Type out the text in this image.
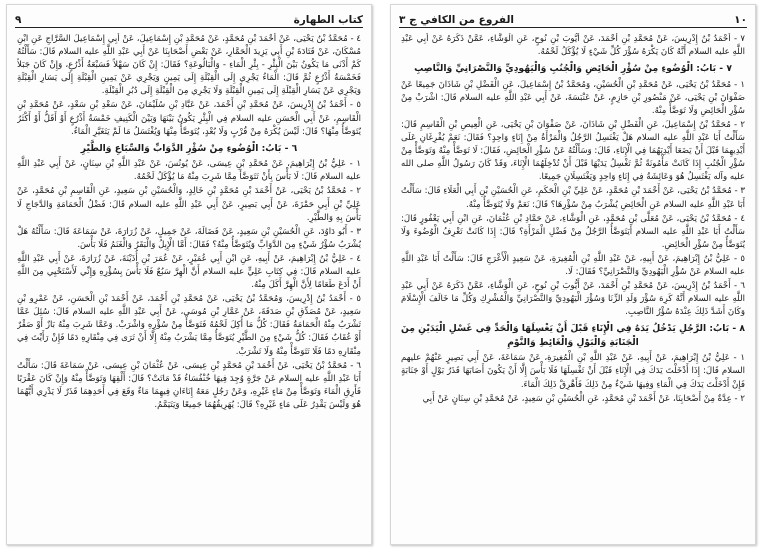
كتاب الطهارة
٩
٤ - مُحَمَّدُ بْنُ يَحْيَى، عَنْ أَحْمَدَ بْنِ مُحَمَّدٍ، عَنْ مُحَمَّدِ بْنِ إِسْمَاعِيلَ، عَنْ أَبِي إِسْمَاعِيلَ السَّرَّاجِ عَنِ ابْنِ مُسْكَانَ، عَنْ قَتَادَةَ بْنِ أَبِي يَزِيدَ الْحَمَّارِ، عَنْ بَعْضِ أَصْحَابِنَا عَنْ أَبِي عَبْدِ اللَّهِ عليه السلام قَالَ: سَأَلْتُهُ كَمْ أَدْنَى مَا يَكُونُ بَيْنَ الْبِئْرِ - بِئْرِ الْمَاءِ - وَالْبَالُوعَةِ؟ فَقَالَ: إِنْ كَانَ سَهْلاً فَسَبْعَةُ أَذْرُعٍ، وَإِنْ كَانَ جَبَلاً فَخَمْسَةُ أَذْرُعٍ ثُمَّ قَالَ: الْمَاءُ يَجْرِي إِلَى الْقِبْلَةِ إِلَى يَمِينٍ وَيَجْرِي عَنْ يَمِينِ الْقِبْلَةِ إِلَى يَسَارِ الْقِبْلَةِ وَيَجْرِي عَنْ يَسَارِ الْقِبْلَةِ إِلَى يَمِينِ الْقِبْلَةِ وَلَا يَجْرِي مِنَ الْقِبْلَةِ إِلَى دُبُرِ الْقِبْلَةِ.
٥ - أَحْمَدُ بْنُ إِدْرِيسَ، عَنْ مُحَمَّدِ بْنِ أَحْمَدَ، عَنْ عَبَّادِ بْنِ سُلَيْمَانَ، عَنْ سَعْدِ بْنِ سَعْدٍ، عَنْ مُحَمَّدِ بْنِ الْقَاسِمِ، عَنْ أَبِي الْحَسَنِ عليه السلام فِي الْبِئْرِ يَكُونُ بَيْنَهَا وَبَيْنَ الْكَنِيفِ خَمْسَةُ أَذْرُعٍ أَوْ أَقَلُّ أَوْ أَكْثَرُ يُتَوَضَّأُ مِنْهَا؟ قَالَ: لَيْسَ يُكْرَهُ مِنْ قُرْبٍ وَلَا بُعْدٍ، يُتَوَضَّأُ مِنْهَا وَيُغْتَسَلُ مَا لَمْ يَتَغَيَّرِ الْمَاءُ.
٦ - بَابُ: الْوُضُوءِ مِنْ سُؤْرِ الدَّوَابِّ وَالسِّبَاعِ وَالطَّيْرِ
١ - عَلِيُّ بْنُ إِبْرَاهِيمَ، عَنْ مُحَمَّدِ بْنِ عِيسَى، عَنْ يُونُسَ، عَنْ عَبْدِ اللَّهِ بْنِ سِنَانٍ، عَنْ أَبِي عَبْدِ اللَّهِ عليه السلام قَالَ: لَا بَأْسَ بِأَنْ تَتَوَضَّأَ مِمَّا شَرِبَ مِنْهُ مَا يُؤْكَلُ لَحْمُهُ.
٢ - مُحَمَّدُ بْنُ يَحْيَى، عَنْ أَحْمَدَ بْنِ مُحَمَّدٍ بْنِ خَالِدٍ، وَالْحُسَيْنِ بْنِ سَعِيدٍ، عَنِ الْقَاسِمِ بْنِ مُحَمَّدٍ، عَنْ عَلِيِّ بْنِ أَبِي حَمْزَةَ، عَنْ أَبِي بَصِيرٍ، عَنْ أَبِي عَبْدِ اللَّهِ عليه السلام قَالَ: فَضْلُ الْحَمَامَةِ وَالدَّجَاجِ لَا بَأْسَ بِهِ وَالطَّيْرِ.
٣ - أَبُو دَاوُدَ، عَنِ الْحُسَيْنِ بْنِ سَعِيدٍ، عَنْ فَضَالَةَ، عَنْ جَمِيلٍ، عَنْ زُرَارَةَ، عَنْ سَمَاعَةَ قَالَ: سَأَلْتُهُ هَلْ يُشْرَبُ سُؤْرُ شَيْءٍ مِنَ الدَّوَابِّ وَيُتَوَضَّأُ مِنْهُ؟ فَقَالَ: أَمَّا الْإِبِلُ وَالْبَقَرُ وَالْغَنَمُ فَلَا بَأْسَ.
٤ - عَلِيُّ بْنُ إِبْرَاهِيمَ، عَنْ أَبِيهِ، عَنِ ابْنِ أَبِي عُمَيْرٍ، عَنْ عُمَرَ بْنِ أُذَيْنَةَ، عَنْ زُرَارَةَ، عَنْ أَبِي عَبْدِ اللَّهِ عليه السلام قَالَ: فِي كِتَابِ عَلِيٍّ عليه السلام أَنَّ الْهِرَّ سَبُعٌ فَلَا بَأْسَ بِسُؤْرِهِ وَإِنِّي لَأَسْتَحْيِي مِنَ اللَّهِ أَنْ أَدَعَ طَعَامًا لِأَنَّ الْهِرَّ أَكَلَ مِنْهُ.
٥ - أَحْمَدُ بْنُ إِدْرِيسَ، وَمُحَمَّدُ بْنُ يَحْيَى، عَنْ مُحَمَّدِ بْنِ أَحْمَدَ، عَنْ أَحْمَدَ بْنِ الْحَسَنِ، عَنْ عَمْرِو بْنِ سَعِيدٍ، عَنْ مُصَدِّقِ بْنِ صَدَقَةَ، عَنْ عَمَّارِ بْنِ مُوسَى، عَنْ أَبِي عَبْدِ اللَّهِ عليه السلام قَالَ: سُئِلَ عَمَّا تَشْرَبُ مِنْهُ الْحَمَامَةُ فَقَالَ: كُلُّ مَا أُكِلَ لَحْمُهُ فَتَوَضَّأْ مِنْ سُؤْرِهِ وَاشْرَبْ. وَعَمَّا شَرِبَ مِنْهُ بَازٌ أَوْ صَقْرٌ أَوْ عُقَابٌ فَقَالَ: كُلُّ شَيْءٍ مِنَ الطَّيْرِ يُتَوَضَّأُ مِمَّا يَشْرَبُ مِنْهُ إِلَّا أَنْ تَرَى فِي مِنْقَارِهِ دَمًا فَإِنْ رَأَيْتَ فِي مِنْقَارِهِ دَمًا فَلَا تَتَوَضَّأْ مِنْهُ وَلَا تَشْرَبْ.
٦ - مُحَمَّدُ بْنُ يَحْيَى، عَنْ أَحْمَدَ بْنِ مُحَمَّدٍ بْنِ عِيسَى، عَنْ عُثْمَانَ بْنِ عِيسَى، عَنْ سَمَاعَةَ قَالَ: سَأَلْتُ أَبَا عَبْدِ اللَّهِ عليه السلام عَنْ جَرَّةٍ وُجِدَ فِيهَا خُنْفُسَاءُ قَدْ مَاتَتْ؟ قَالَ: أَلْقِهَا وَتَوَضَّأْ مِنْهُ وَإِنْ كَانَ عَقْرَبًا فَأَرِقِ الْمَاءَ وَتَوَضَّأْ مِنْ مَاءٍ غَيْرِهِ، وَعَنْ رَجُلٍ مَعَهُ إِنَاءَانِ فِيهِمَا مَاءٌ وَقَعَ فِي أَحَدِهِمَا قَذَرٌ لَا يَدْرِي أَيُّهُمَا هُوَ وَلَيْسَ يَقْدِرُ عَلَى مَاءٍ غَيْرِهِ؟ قَالَ: يُهَرِيقُهُمَا جَمِيعًا وَيَتَيَمَّمُ.
١٠
الفروع من الكافي ج ٣
٧ - أَحْمَدُ بْنُ إِدْرِيسَ، عَنْ مُحَمَّدِ بْنِ أَحْمَدَ، عَنْ أَيُّوبَ بْنِ نُوحٍ، عَنِ الْوَشَّاءِ، عَمَّنْ ذَكَرَهُ عَنْ أَبِي عَبْدِ اللَّهِ عليه السلام أَنَّهُ كَانَ يَكْرَهُ سُؤْرَ كُلِّ شَيْءٍ لَا يُؤْكَلُ لَحْمُهُ.
٧ - بَابُ: الْوُضُوءِ مِنْ سُؤْرِ الْحَائِضِ وَالْجُنُبِ وَالْيَهُودِيِّ وَالنَّصْرَانِيِّ وَالنَّاصِبِ
١ - مُحَمَّدُ بْنُ يَحْيَى، عَنْ مُحَمَّدِ بْنِ الْحُسَيْنِ، وَمُحَمَّدُ بْنُ إِسْمَاعِيلَ، عَنِ الْفَضْلِ بْنِ شَاذَانَ جَمِيعًا عَنْ صَفْوَانَ بْنِ يَحْيَى، عَنْ مَنْصُورِ بْنِ حَازِمٍ، عَنْ عَنْبَسَةَ، عَنْ أَبِي عَبْدِ اللَّهِ عليه السلام قَالَ: اشْرَبْ مِنْ سُؤْرِ الْحَائِضِ وَلَا تَوَضَّأْ مِنْهُ.
٢ - مُحَمَّدُ بْنُ إِسْمَاعِيلَ، عَنِ الْفَضْلِ بْنِ شَاذَانَ، عَنْ صَفْوَانَ بْنِ يَحْيَى، عَنِ الْعِيصِ بْنِ الْقَاسِمِ قَالَ: سَأَلْتُ أَبَا عَبْدِ اللَّهِ عليه السلام هَلْ يَغْتَسِلُ الرَّجُلُ وَالْمَرْأَةُ مِنْ إِنَاءٍ وَاحِدٍ؟ فَقَالَ: نَعَمْ يُفْرِغَانِ عَلَى أَيْدِيهِمَا قَبْلَ أَنْ يَضَعَا أَيْدِيَهُمَا فِي الْإِنَاءِ، قَالَ: وَسَأَلْتُهُ عَنْ سُؤْرِ الْحَائِضِ، فَقَالَ: لَا تَوَضَّأْ مِنْهُ وَتَوَضَّأْ مِنْ سُؤْرِ الْجُنُبِ إِذَا كَانَتْ مَأْمُونَةً ثُمَّ تَغْسِلُ يَدَيْهَا قَبْلَ أَنْ تُدْخِلَهُمَا الْإِنَاءَ، وَقَدْ كَانَ رَسُولُ اللَّهِ صلى الله عليه وآله يَغْتَسِلُ هُوَ وَعَائِشَةُ فِي إِنَاءٍ وَاحِدٍ وَيَغْتَسِلَانِ جَمِيعًا.
٣ - مُحَمَّدُ بْنُ يَحْيَى، عَنْ أَحْمَدَ بْنِ مُحَمَّدٍ، عَنْ عَلِيِّ بْنِ الْحَكَمِ، عَنِ الْحُسَيْنِ بْنِ أَبِي الْعَلَاءِ قَالَ: سَأَلْتُ أَبَا عَبْدِ اللَّهِ عليه السلام عَنِ الْحَائِضِ يُشْرَبُ مِنْ سُؤْرِهَا؟ قَالَ: نَعَمْ وَلَا يُتَوَضَّأُ مِنْهُ.
٤ - مُحَمَّدُ بْنُ يَحْيَى، عَنْ مُعَلَّى بْنِ مُحَمَّدٍ، عَنِ الْوَشَّاءِ، عَنْ حَمَّادِ بْنِ عُثْمَانَ، عَنِ ابْنِ أَبِي يَعْفُورٍ قَالَ: سَأَلْتُ أَبَا عَبْدِ اللَّهِ عليه السلام أَيَتَوَضَّأُ الرَّجُلُ مِنْ فَضْلِ الْمَرْأَةِ؟ قَالَ: إِذَا كَانَتْ تَعْرِفُ الْوُضُوءَ وَلَا يُتَوَضَّأُ مِنْ سُؤْرِ الْحَائِضِ.
٥ - عَلِيُّ بْنُ إِبْرَاهِيمَ، عَنْ أَبِيهِ، عَنْ عَبْدِ اللَّهِ بْنِ الْمُغِيرَةِ، عَنْ سَعِيدٍ الْأَعْرَجِ قَالَ: سَأَلْتُ أَبَا عَبْدِ اللَّهِ عليه السلام عَنْ سُؤْرِ الْيَهُودِيِّ وَالنَّصْرَانِيِّ؟ فَقَالَ: لَا.
٦ - أَحْمَدُ بْنُ إِدْرِيسَ، عَنْ مُحَمَّدِ بْنِ أَحْمَدَ، عَنْ أَيُّوبَ بْنِ نُوحٍ، عَنِ الْوَشَّاءِ، عَمَّنْ ذَكَرَهُ عَنْ أَبِي عَبْدِ اللَّهِ عليه السلام أَنَّهُ كَرِهَ سُؤْرَ وَلَدِ الزِّنَا وَسُؤْرَ الْيَهُودِيِّ وَالنَّصْرَانِيِّ وَالْمُشْرِكِ وَكُلِّ مَا خَالَفَ الْإِسْلَامَ وَكَانَ أَشَدَّ ذَلِكَ عِنْدَهُ سُؤْرُ النَّاصِبِ.
٨ - بَابُ: الرَّجُلِ يَدْخُلُ يَدَهُ فِي الْإِنَاءِ قَبْلَ أَنْ يَغْسِلَهَا وَالْحَدِّ فِي غَسْلِ الْيَدَيْنِ مِنَ الْجَنَابَةِ وَالْبَوْلِ وَالْغَائِطِ وَالنَّوْمِ
١ - عَلِيُّ بْنُ إِبْرَاهِيمَ، عَنْ أَبِيهِ، عَنْ عَبْدِ اللَّهِ بْنِ الْمُغِيرَةِ، عَنْ سَمَاعَةَ، عَنْ أَبِي بَصِيرٍ عَنْهُمْ عليهم السلام قَالَ: إِذَا أَدْخَلْتَ يَدَكَ فِي الْإِنَاءِ قَبْلَ أَنْ تَغْسِلَهَا فَلَا بَأْسَ إِلَّا أَنْ يَكُونَ أَصَابَهَا قَذَرُ بَوْلٍ أَوْ جَنَابَةٍ فَإِنْ أَدْخَلْتَ يَدَكَ فِي الْمَاءِ وَفِيهَا شَيْءٌ مِنْ ذَلِكَ فَأَهْرِقْ ذَلِكَ الْمَاءَ.
٢ - عِدَّةٌ مِنْ أَصْحَابِنَا، عَنْ أَحْمَدَ بْنِ مُحَمَّدٍ، عَنِ الْحُسَيْنِ بْنِ سَعِيدٍ، عَنْ مُحَمَّدِ بْنِ سِنَانٍ عَنْ أَبِي
